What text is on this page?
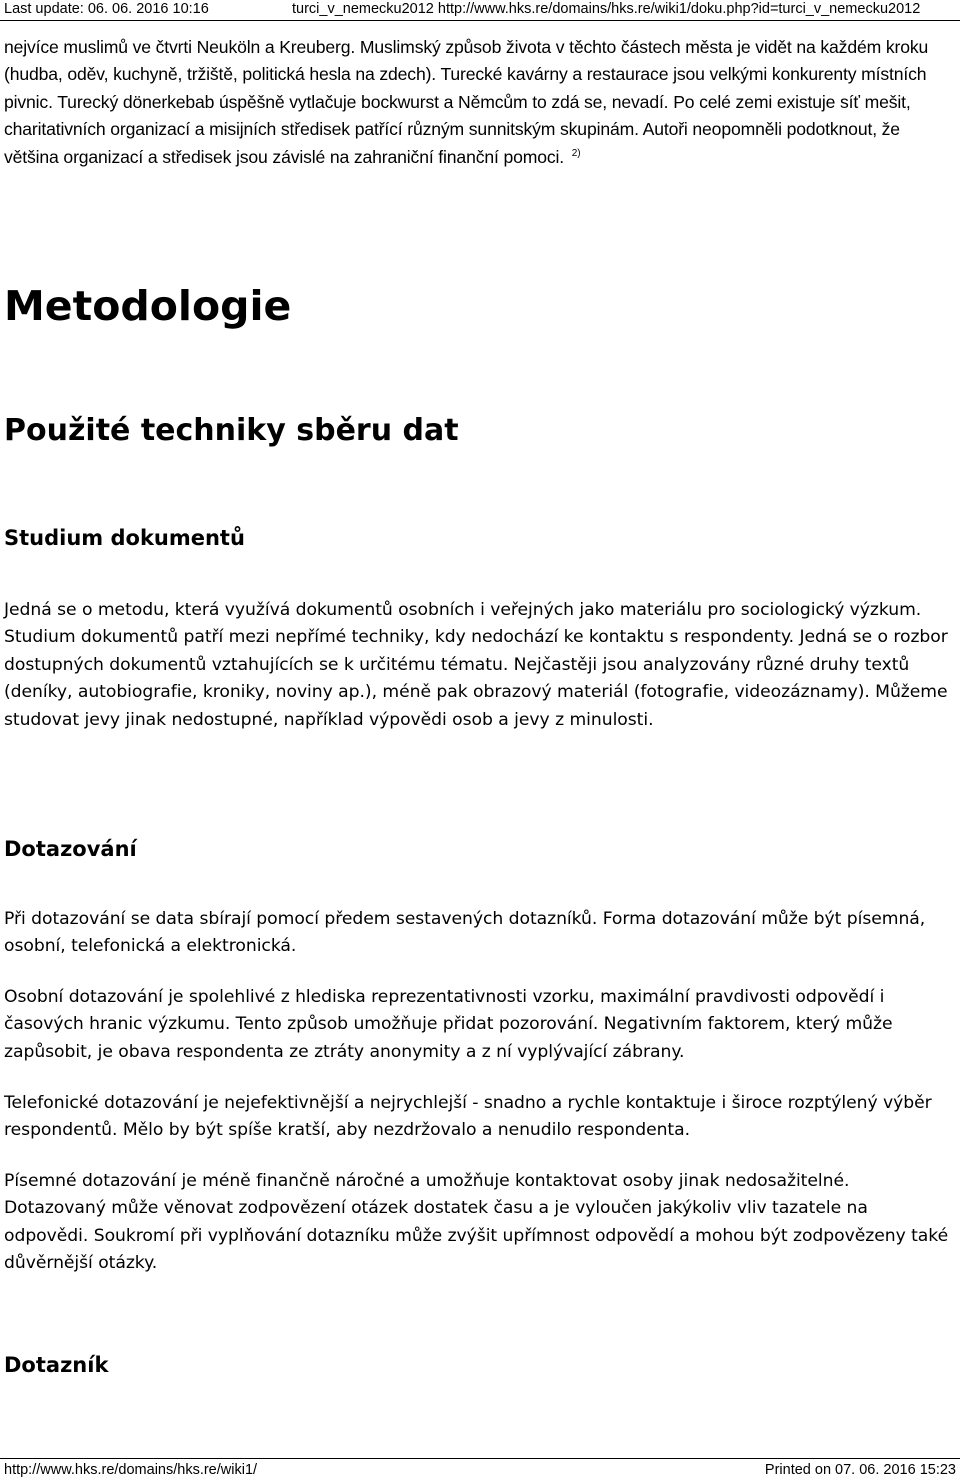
Last update: 06. 06. 2016 10:16	turci_v_nemecku2012 http://www.hks.re/domains/hks.re/wiki1/doku.php?id=turci_v_nemecku2012

nejvíce muslimů ve čtvrti Neuköln a Kreuberg. Muslimský způsob života v těchto částech města je vidět na každém kroku (hudba, oděv, kuchyně, tržiště, politická hesla na zdech). Turecké kavárny a restaurace jsou velkými konkurenty místních pivnic. Turecký dönerkebab úspěšně vytlačuje bockwurst a Němcům to zdá se, nevadí. Po celé zemi existuje síť mešit, charitativních organizací a misijních středisek patřící různým sunnitským skupinám. Autoři neopomněli podotknout, že většina organizací a středisek jsou závislé na zahraniční finanční pomoci. $^{2)}$

Metodologie
Použité techniky sběru dat
Studium dokumentů

Jedná se o metodu, která využívá dokumentů osobních i veřejných jako materiálu pro sociologický výzkum. Studium dokumentů patří mezi nepřímé techniky, kdy nedochází ke kontaktu s respondenty. Jedná se o rozbor dostupných dokumentů vztahujících se k určitému tématu. Nejčastěji jsou analyzovány různé druhy textů (deníky, autobiografie, kroniky, noviny ap.), méně pak obrazový materiál (fotografie, videozáznamy). Můžeme studovat jevy jinak nedostupné, například výpovědi osob a jevy z minulosti.

Dotazování

Při dotazování se data sbírají pomocí předem sestavených dotazníků. Forma dotazování může být písemná, osobní, telefonická a elektronická.

Osobní dotazování je spolehlivé z hlediska reprezentativnosti vzorku, maximální pravdivosti odpovědí i časových hranic výzkumu. Tento způsob umožňuje přidat pozorování. Negativním faktorem, který může zapůsobit, je obava respondenta ze ztráty anonymity a z ní vyplývající zábrany.

Telefonické dotazování je nejefektivnější a nejrychlejší - snadno a rychle kontaktuje i široce rozptýlený výběr respondentů. Mělo by být spíše kratší, aby nezdržovalo a nenudilo respondenta.

Písemné dotazování je méně finančně náročné a umožňuje kontaktovat osoby jinak nedosažitelné. Dotazovaný může věnovat zodpovězení otázek dostatek času a je vyloučen jakýkoliv vliv tazatele na odpovědi. Soukromí při vyplňování dotazníku může zvýšit upřímnost odpovědí a mohou být zodpovězeny také důvěrnější otázky.

Dotazník
http://www.hks.re/domains/hks.re/wiki1/	Printed on 07. 06. 2016 15:23
